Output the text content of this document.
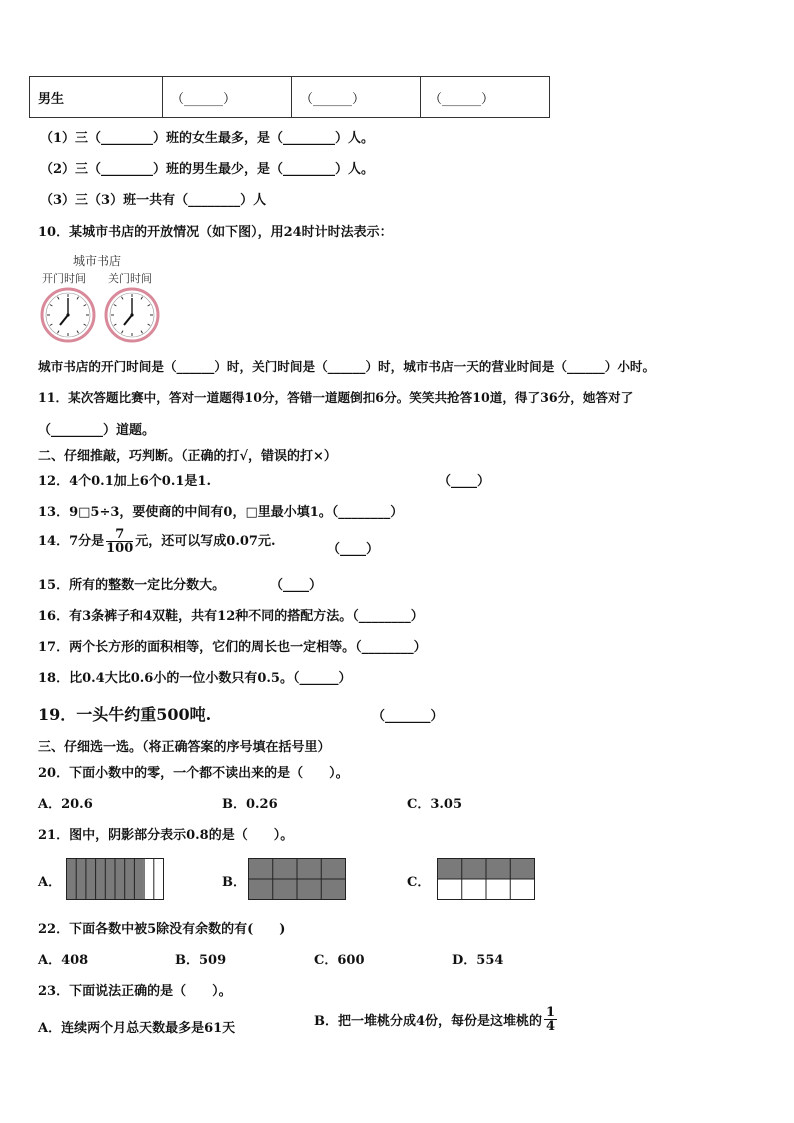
男生	（______）	（______）	（______）
（1）三（________）班的女生最多，是（________）人。
（2）三（________）班的男生最少，是（________）人。
（3）三（3）班一共有（________）人
10．某城市书店的开放情况（如下图），用24时计时法表示：
城市书店
开门时间 关门时间
城市书店的开门时间是（______）时，关门时间是（______）时，城市书店一天的营业时间是（______）小时。
11．某次答题比赛中，答对一道题得10分，答错一道题倒扣6分。笑笑共抢答10道，得了36分，她答对了
（________）道题。
二、仔细推敲，巧判断。（正确的打√，错误的打×）
12．4个0.1加上6个0.1是1.	（____）
13．9□5÷3，要使商的中间有0，□里最小填1。（________）
14．7分是 $\frac{7}{100}$ 元，还可以写成0.07元.
（____）
15．所有的整数一定比分数大。	（____）
16．有3条裤子和4双鞋，共有12种不同的搭配方法。（________）
17．两个长方形的面积相等，它们的周长也一定相等。（________）
18．比0.4大比0.6小的一位小数只有0.5。（______）
19．一头牛约重500吨.	（_______）
三、仔细选一选。（将正确答案的序号填在括号里）
20．下面小数中的零，一个都不读出来的是（　　）。
A．20.6	B．0.26	C．3.05
21．图中，阴影部分表示0.8的是（　　）。
A．	B．	C．
22．下面各数中被5除没有余数的有(　　)
A．408	B．509	C．600	D．554
23．下面说法正确的是（　　）。
A．连续两个月总天数最多是61天	B．把一堆桃分成4份，每份是这堆桃的 $\frac{1}{4}$
